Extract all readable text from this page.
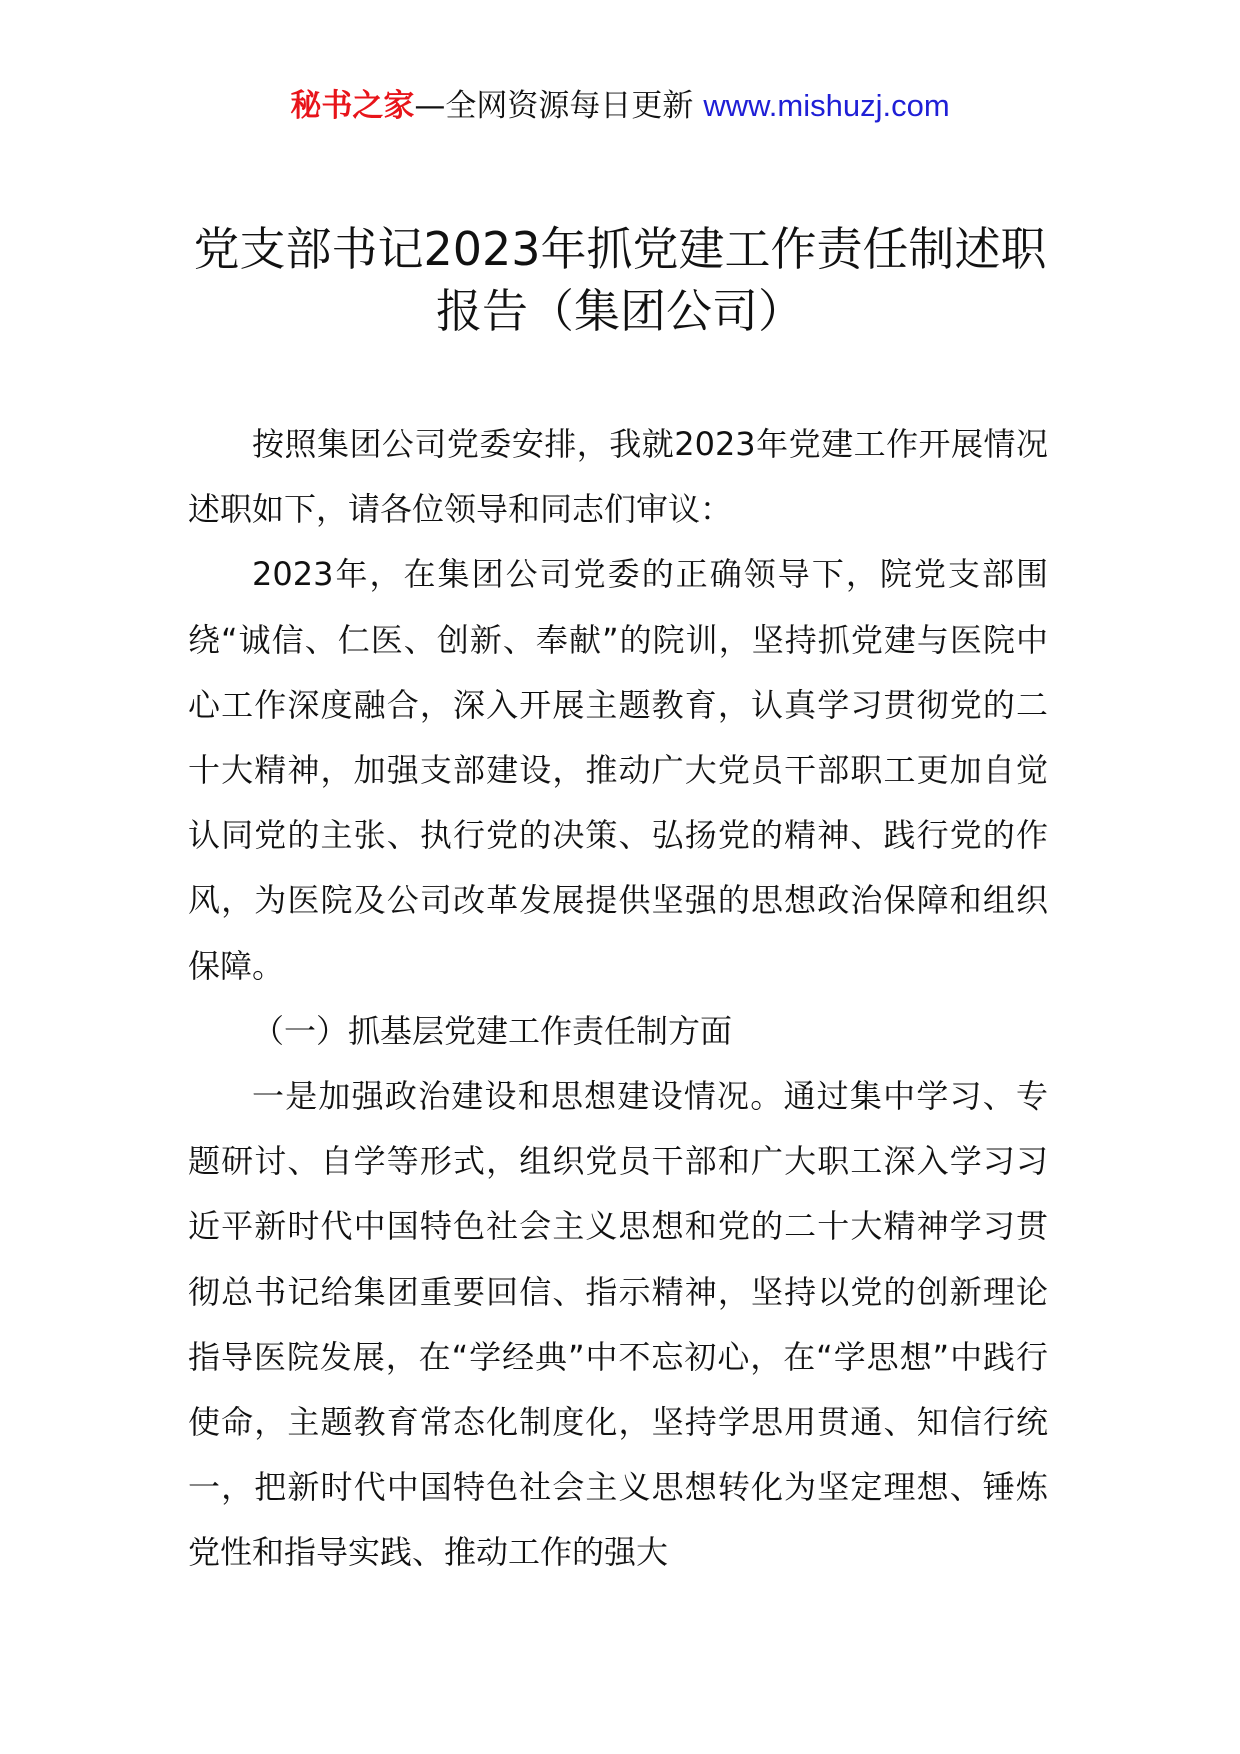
秘书之家—全网资源每日更新 www.mishuzj.com
党支部书记2023年抓党建工作责任制述职
报告（集团公司）

按照集团公司党委安排，我就2023年党建工作开展情况述职如下，请各位领导和同志们审议：

2023年，在集团公司党委的正确领导下，院党支部围绕“诚信、仁医、创新、奉献”的院训，坚持抓党建与医院中心工作深度融合，深入开展主题教育，认真学习贯彻党的二十大精神，加强支部建设，推动广大党员干部职工更加自觉认同党的主张、执行党的决策、弘扬党的精神、践行党的作风，为医院及公司改革发展提供坚强的思想政治保障和组织保障。

（一）抓基层党建工作责任制方面

一是加强政治建设和思想建设情况。通过集中学习、专题研讨、自学等形式，组织党员干部和广大职工深入学习习近平新时代中国特色社会主义思想和党的二十大精神学习贯彻总书记给集团重要回信、指示精神，坚持以党的创新理论指导医院发展，在“学经典”中不忘初心，在“学思想”中践行使命，主题教育常态化制度化，坚持学思用贯通、知信行统一，把新时代中国特色社会主义思想转化为坚定理想、锤炼党性和指导实践、推动工作的强大
